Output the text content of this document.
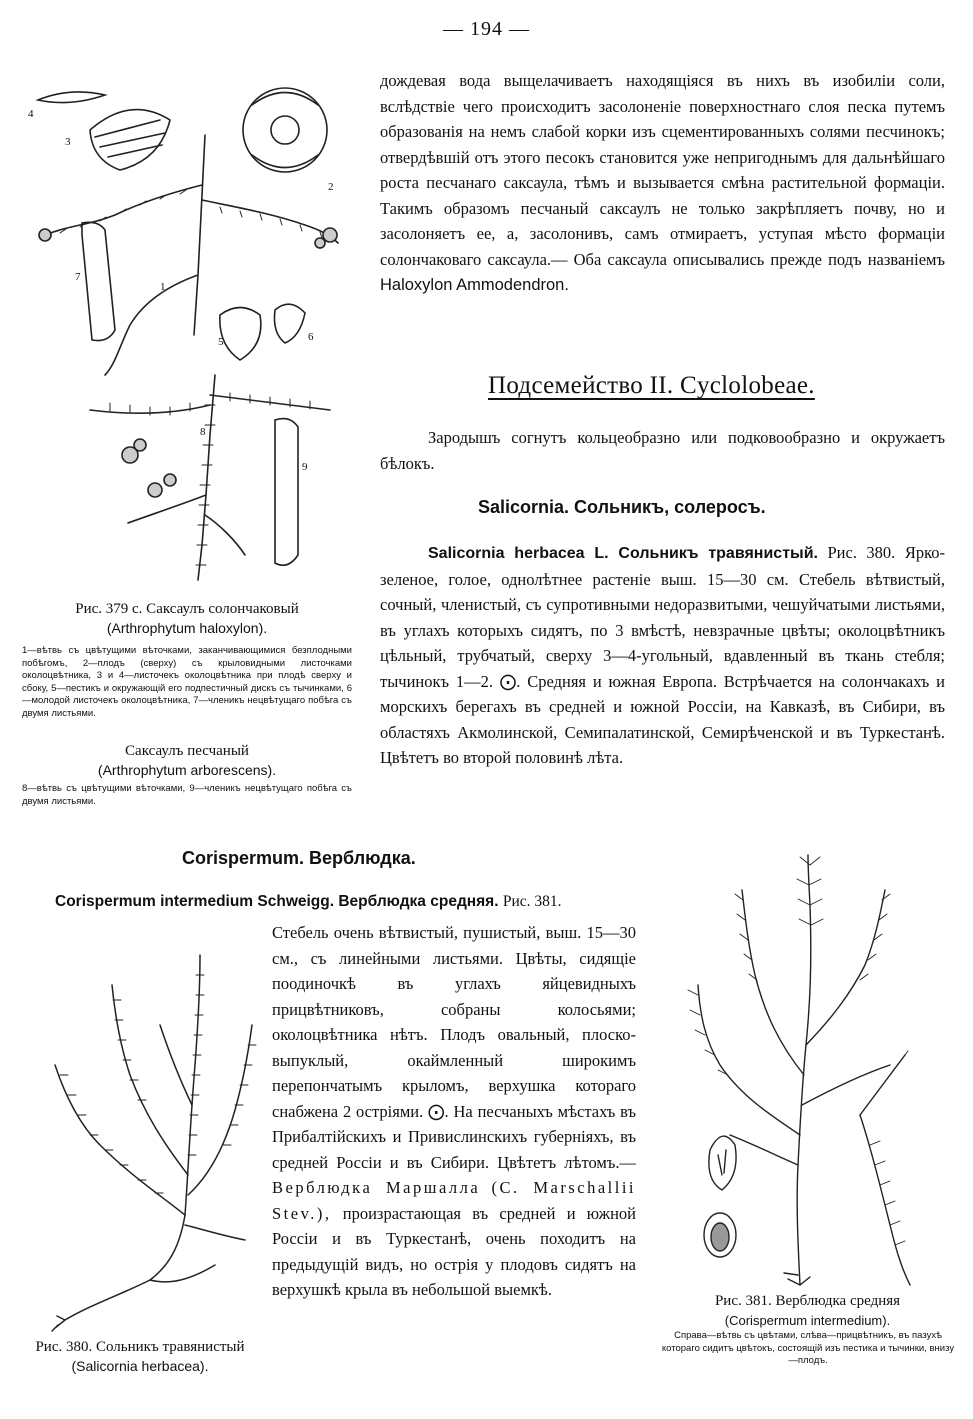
— 194 —
1
2
3
4
5	6
7
8
9
Рис. 379 с. Саксаулъ солончаковый
(Arthrophytum haloxylon).
1—вѣтвь съ цвѣтущими вѣточками, заканчивающимися безплодными побѣгомъ, 2—плодъ (сверху) съ крыловидными листочками околоцвѣтника, 3 и 4—листочекъ околоцвѣтника при плодѣ сверху и сбоку, 5—пестикъ и окружающій его подпестичный дискъ съ тычинками, 6—молодой листочекъ околоцвѣтника, 7—членикъ нецвѣтущаго побѣга съ двумя листьями.
Саксаулъ песчаный
(Arthrophytum arborescens).
8—вѣтвь съ цвѣтущими вѣточками, 9—членикъ нецвѣтущаго побѣга съ двумя листьями.

дождевая вода выщелачиваетъ находящіяся въ нихъ въ изобиліи соли, вслѣдствіе чего происходитъ засолоненіе поверхностнаго слоя песка путемъ образованія на немъ слабой корки изъ сцементированныхъ солями песчинокъ; отвердѣвшій отъ этого песокъ становится уже непригоднымъ для дальнѣйшаго роста песчанаго саксаула, тѣмъ и вызывается смѣна растительной формаціи. Такимъ образомъ песчаный саксаулъ не только закрѣпляетъ почву, но и засолоняетъ ее, а, засолонивъ, самъ отмираетъ, уступая мѣсто формаціи солончаковаго саксаула.— Оба саксаула описывались прежде подъ названіемъ Haloxylon Ammodendron.

Подсемейство II. Cyclolobeae.

Зародышъ согнутъ кольцеобразно или подковообразно и окружаетъ бѣлокъ.

Salicornia. Сольникъ, солеросъ.

Salicornia herbacea L. Сольникъ травянистый. Рис. 380. Ярко-зеленое, голое, однолѣтнее растеніе выш. 15—30 см. Стебель вѣтвистый, сочный, членистый, съ супротивными недоразвитыми, чешуйчатыми листьями, въ углахъ которыхъ сидятъ, по 3 вмѣстѣ, невзрачные цвѣты; околоцвѣтникъ цѣльный, трубчатый, сверху 3—4-угольный, вдавленный въ ткань стебля; тычинокъ 1—2. ⨀. Средняя и южная Европа. Встрѣчается на солончакахъ и морскихъ берегахъ въ средней и южной Россіи, на Кавказѣ, въ Сибири, въ областяхъ Акмолинской, Семипалатинской, Семирѣченской и въ Туркестанѣ. Цвѣтетъ во второй половинѣ лѣта.

Corispermum. Верблюдка.
Corispermum intermedium Schweigg. Верблюдка средняя. Рис. 381.

Стебель очень вѣтвистый, пушистый, выш. 15—30 см., съ линейными листьями. Цвѣты, сидящіе поодиночкѣ въ углахъ яйцевидныхъ прицвѣтниковъ, собраны колосьями; околоцвѣтника нѣтъ. Плодъ овальный, плоско-выпуклый, окаймленный широкимъ перепончатымъ крыломъ, верхушка котораго снабжена 2 остріями. ⨀. На песчаныхъ мѣстахъ въ Прибалтійскихъ и Привислинскихъ губерніяхъ, въ средней Россіи и въ Сибири. Цвѣтетъ лѣтомъ.— Верблюдка Маршалла (C. Marschallii Stev.), произрастающая въ средней и южной Россіи и въ Туркестанѣ, очень походитъ на предыдущій видъ, но острія у плодовъ сидятъ на верхушкѣ крыла въ небольшой выемкѣ.

Рис. 380. Сольникъ травянистый
(Salicornia herbacea).
Рис. 381. Верблюдка средняя
(Corispermum intermedium).
Справа—вѣтвь съ цвѣтами, слѣва—прицвѣтникъ, въ пазухѣ котораго сидитъ цвѣтокъ, состоящій изъ пестика и тычинки, внизу—плодъ.
